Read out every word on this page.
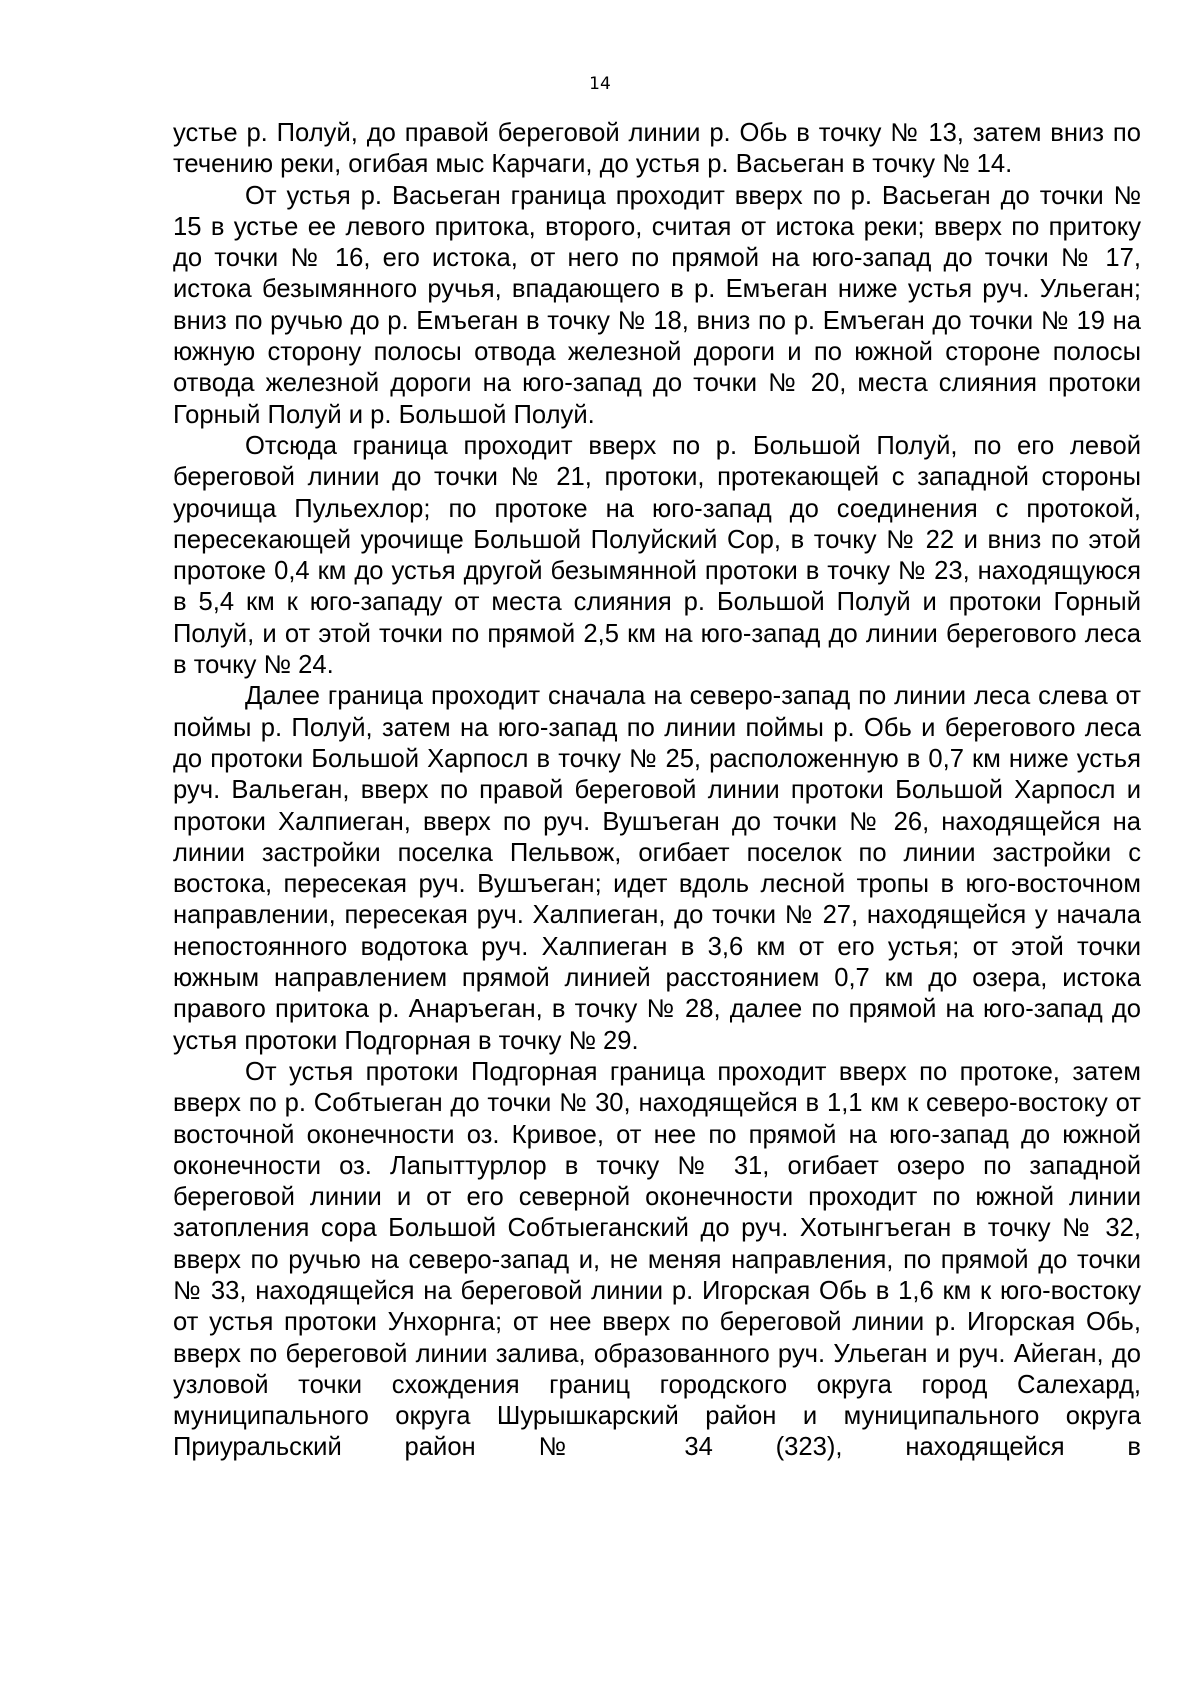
14

устье р. Полуй, до правой береговой линии р. Обь в точку № 13, затем вниз по течению реки, огибая мыс Карчаги, до устья р. Васьеган в точку № 14.

От устья р. Васьеган граница проходит вверх по р. Васьеган до точки № 15 в устье ее левого притока, второго, считая от истока реки; вверх по притоку до точки № 16, его истока, от него по прямой на юго-запад до точки № 17, истока безымянного ручья, впадающего в р. Емъеган ниже устья руч. Ульеган; вниз по ручью до р. Емъеган в точку № 18, вниз по р. Емъеган до точки № 19 на южную сторону полосы отвода железной дороги и по южной стороне полосы отвода железной дороги на юго-запад до точки № 20, места слияния протоки Горный Полуй и р. Большой Полуй.

Отсюда граница проходит вверх по р. Большой Полуй, по его левой береговой линии до точки № 21, протоки, протекающей с западной стороны урочища Пульехлор; по протоке на юго-запад до соединения с протокой, пересекающей урочище Большой Полуйский Сор, в точку № 22 и вниз по этой протоке 0,4 км до устья другой безымянной протоки в точку № 23, находящуюся в 5,4 км к юго-западу от места слияния р. Большой Полуй и протоки Горный Полуй, и от этой точки по прямой 2,5 км на юго-запад до линии берегового леса в точку № 24.

Далее граница проходит сначала на северо-запад по линии леса слева от поймы р. Полуй, затем на юго-запад по линии поймы р. Обь и берегового леса до протоки Большой Харпосл в точку № 25, расположенную в 0,7 км ниже устья руч. Вальеган, вверх по правой береговой линии протоки Большой Харпосл и протоки Халпиеган, вверх по руч. Вушъеган до точки № 26, находящейся на линии застройки поселка Пельвож, огибает поселок по линии застройки с востока, пересекая руч. Вушъеган; идет вдоль лесной тропы в юго-восточном направлении, пересекая руч. Халпиеган, до точки № 27, находящейся у начала непостоянного водотока руч. Халпиеган в 3,6 км от его устья; от этой точки южным направлением прямой линией расстоянием 0,7 км до озера, истока правого притока р. Анаръеган, в точку № 28, далее по прямой на юго-запад до устья протоки Подгорная в точку № 29.

От устья протоки Подгорная граница проходит вверх по протоке, затем вверх по р. Собтыеган до точки № 30, находящейся в 1,1 км к северо-востоку от восточной оконечности оз. Кривое, от нее по прямой на юго-запад до южной оконечности оз. Лапыттурлор в точку № 31, огибает озеро по западной береговой линии и от его северной оконечности проходит по южной линии затопления сора Большой Собтыеганский до руч. Хотынгъеган в точку № 32, вверх по ручью на северо-запад и, не меняя направления, по прямой до точки № 33, находящейся на береговой линии р. Игорская Обь в 1,6 км к юго-востоку от устья протоки Унхорнга; от нее вверх по береговой линии р. Игорская Обь, вверх по береговой линии залива, образованного руч. Ульеган и руч. Айеган, до узловой точки схождения границ городского округа город Салехард, муниципального округа Шурышкарский район и муниципального округа Приуральский район № 34 (323), находящейся в
